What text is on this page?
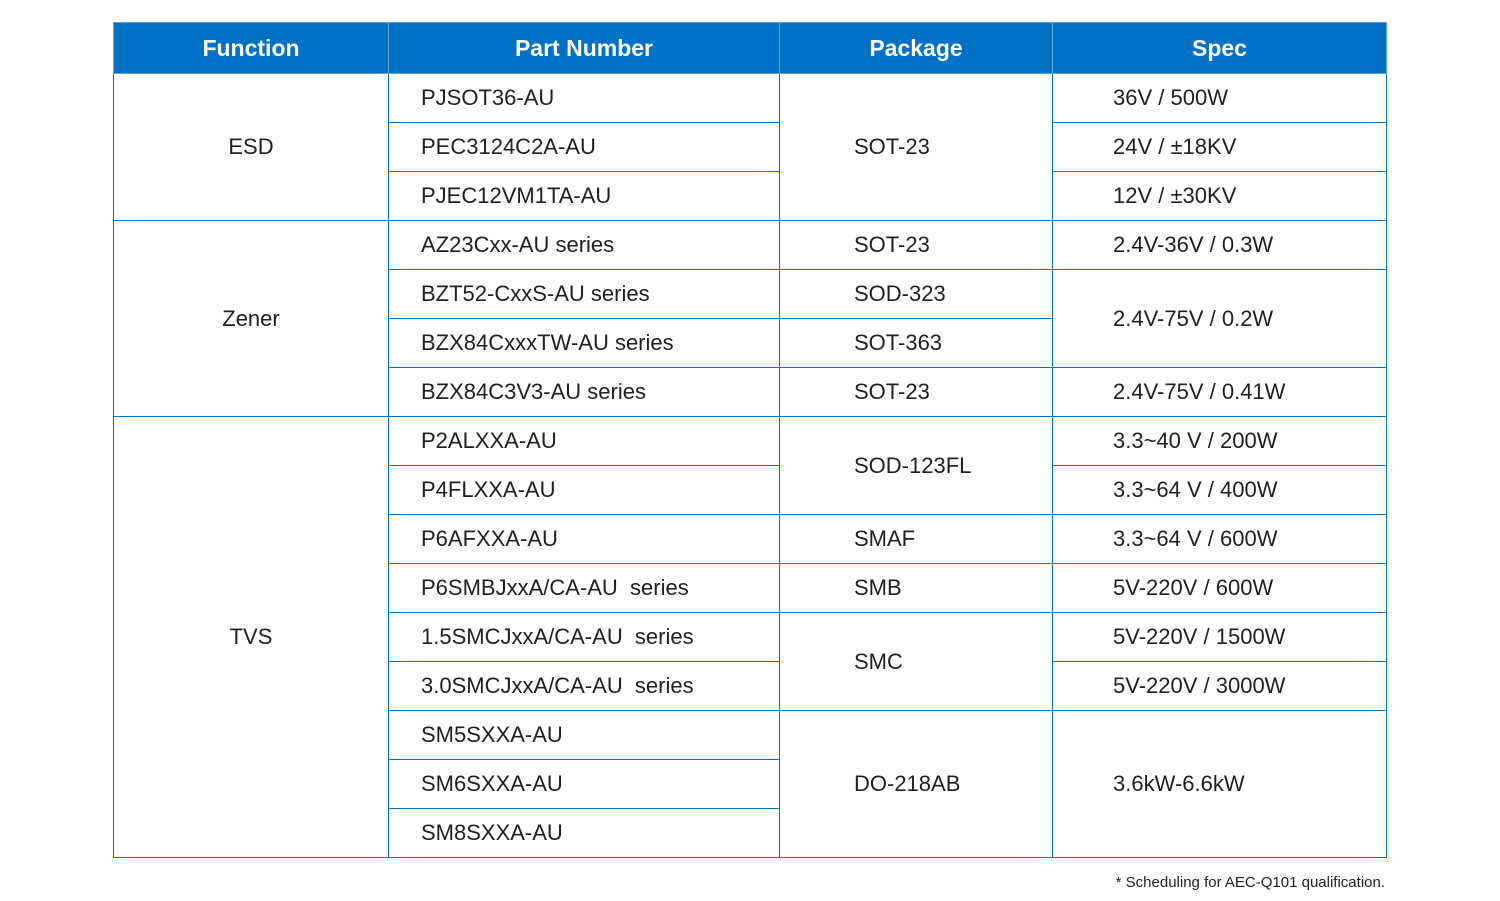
Function	Part Number	Package	Spec
ESD	PJSOT36-AU	SOT-23	36V / 500W
	PEC3124C2A-AU		24V / ±18KV
	PJEC12VM1TA-AU		12V / ±30KV
Zener	AZ23Cxx-AU series	SOT-23	2.4V-36V / 0.3W
	BZT52-CxxS-AU series	SOD-323	2.4V-75V / 0.2W
	BZX84CxxxTW-AU series	SOT-363	
	BZX84C3V3-AU series	SOT-23	2.4V-75V / 0.41W
TVS	P2ALXXA-AU	SOD-123FL	3.3~40 V / 200W
	P4FLXXA-AU		3.3~64 V / 400W
	P6AFXXA-AU	SMAF	3.3~64 V / 600W
	P6SMBJxxA/CA-AU  series	SMB	5V-220V / 600W
	1.5SMCJxxA/CA-AU  series	SMC	5V-220V / 1500W
	3.0SMCJxxA/CA-AU  series		5V-220V / 3000W
	SM5SXXA-AU	DO-218AB	3.6kW-6.6kW
	SM6SXXA-AU		
	SM8SXXA-AU		
* Scheduling for AEC-Q101 qualification.
